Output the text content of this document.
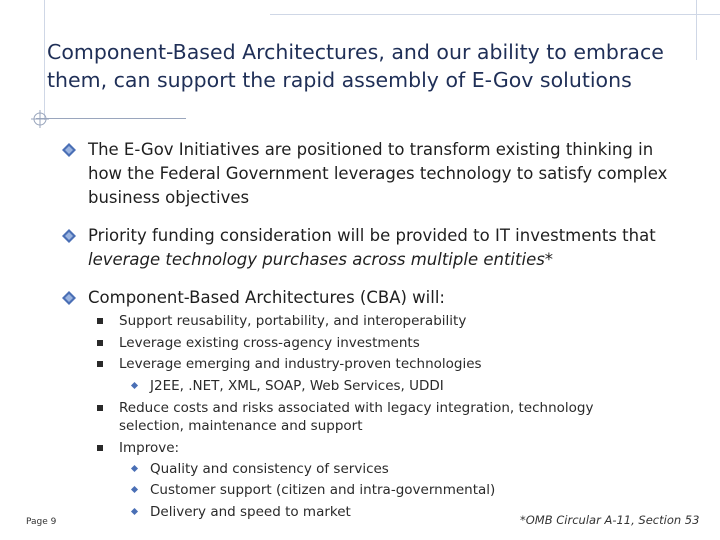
Component-Based Architectures, and our ability to embrace them, can support the rapid assembly of E-Gov solutions
The E-Gov Initiatives are positioned to transform existing thinking in how the Federal Government leverages technology to satisfy complex business objectives
Priority funding consideration will be provided to IT investments that leverage technology purchases across multiple entities*
Component-Based Architectures (CBA) will:
Support reusability, portability, and interoperability
Leverage existing cross-agency investments
Leverage emerging and industry-proven technologies
J2EE, .NET, XML, SOAP, Web Services, UDDI
Reduce costs and risks associated with legacy integration, technology selection, maintenance and support
Improve:
Quality and consistency of services
Customer support (citizen and intra-governmental)
Delivery and speed to market
Page 9	*OMB Circular A-11, Section 53
